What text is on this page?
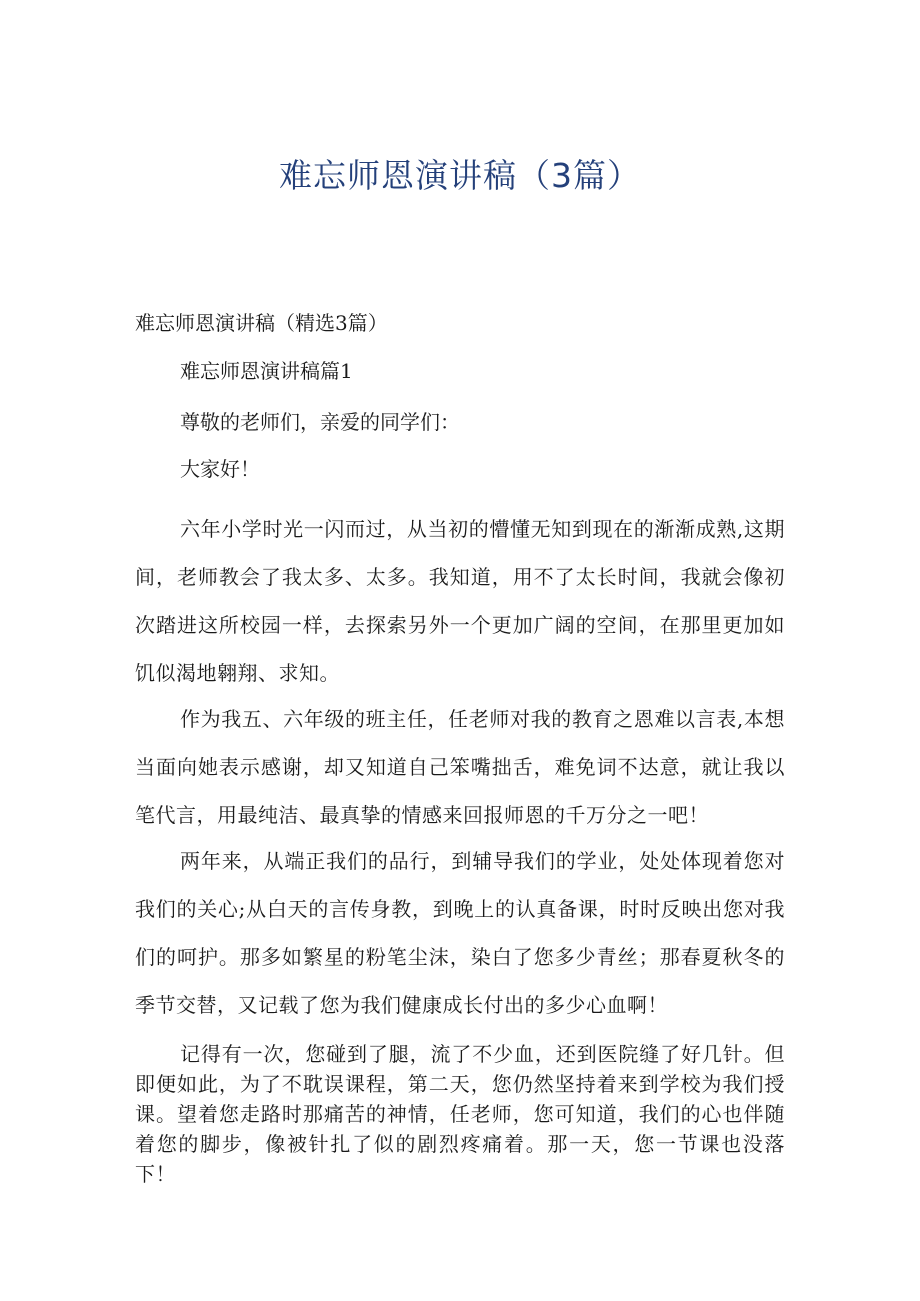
难忘师恩演讲稿（3篇）

难忘师恩演讲稿（精选3篇）

难忘师恩演讲稿篇1

尊敬的老师们，亲爱的同学们：

大家好！

六年小学时光一闪而过，从当初的懵懂无知到现在的渐渐成熟,这期间，老师教会了我太多、太多。我知道，用不了太长时间，我就会像初次踏进这所校园一样，去探索另外一个更加广阔的空间，在那里更加如饥似渴地翱翔、求知。

作为我五、六年级的班主任，任老师对我的教育之恩难以言表,本想当面向她表示感谢，却又知道自己笨嘴拙舌，难免词不达意，就让我以笔代言，用最纯洁、最真挚的情感来回报师恩的千万分之一吧！

两年来，从端正我们的品行，到辅导我们的学业，处处体现着您对我们的关心;从白天的言传身教，到晚上的认真备课，时时反映出您对我们的呵护。那多如繁星的粉笔尘沫，染白了您多少青丝；那春夏秋冬的季节交替，又记载了您为我们健康成长付出的多少心血啊！

记得有一次，您碰到了腿，流了不少血，还到医院缝了好几针。但即便如此，为了不耽误课程，第二天，您仍然坚持着来到学校为我们授课。望着您走路时那痛苦的神情，任老师，您可知道，我们的心也伴随着您的脚步，像被针扎了似的剧烈疼痛着。那一天，您一节课也没落下！
